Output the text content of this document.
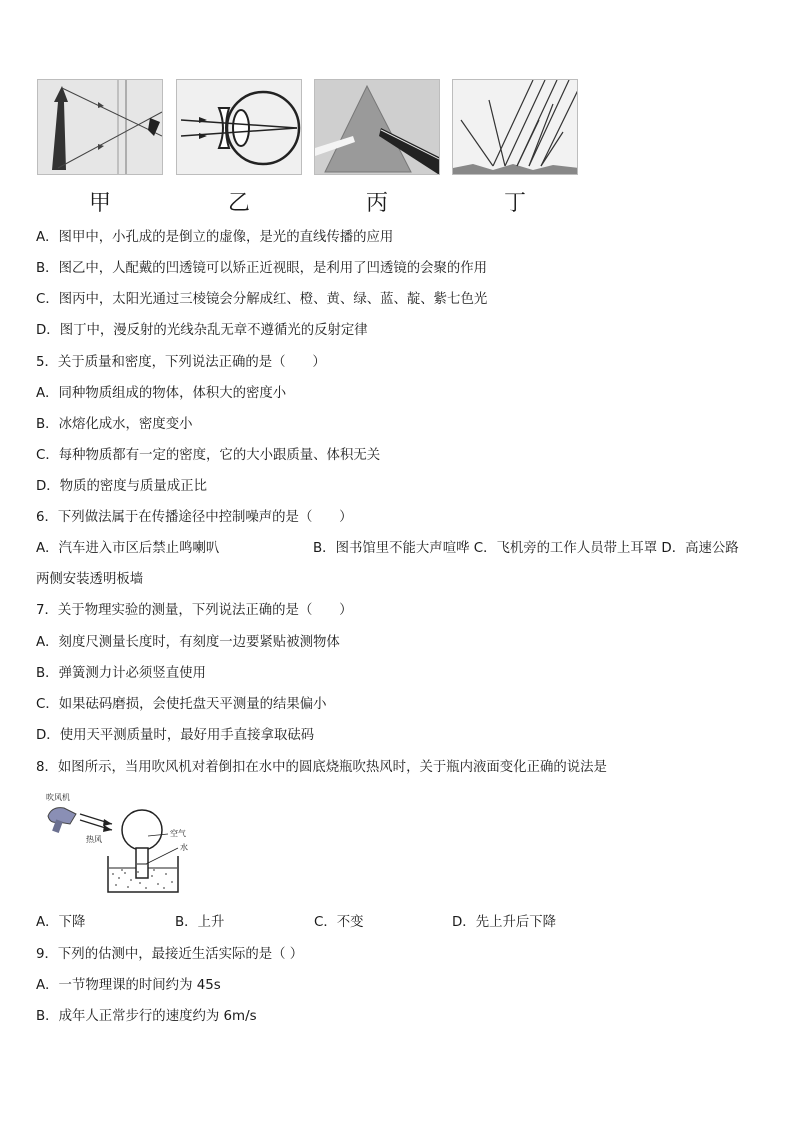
甲	乙	丙	丁
A．图甲中，小孔成的是倒立的虚像，是光的直线传播的应用
B．图乙中，人配戴的凹透镜可以矫正近视眼，是利用了凹透镜的会聚的作用
C．图丙中，太阳光通过三棱镜会分解成红、橙、黄、绿、蓝、靛、紫七色光
D．图丁中，漫反射的光线杂乱无章不遵循光的反射定律
5．关于质量和密度，下列说法正确的是（　　）
A．同种物质组成的物体，体积大的密度小
B．冰熔化成水，密度变小
C．每种物质都有一定的密度，它的大小跟质量、体积无关
D．物质的密度与质量成正比
6．下列做法属于在传播途径中控制噪声的是（　　）
A．汽车进入市区后禁止鸣喇叭	B．图书馆里不能大声喧哗 C．飞机旁的工作人员带上耳罩 D．高速公路
两侧安装透明板墙
7．关于物理实验的测量，下列说法正确的是（　　）
A．刻度尺测量长度时，有刻度一边要紧贴被测物体
B．弹簧测力计必须竖直使用
C．如果砝码磨损，会使托盘天平测量的结果偏小
D．使用天平测质量时，最好用手直接拿取砝码
8．如图所示，当用吹风机对着倒扣在水中的圆底烧瓶吹热风时，关于瓶内液面变化正确的说法是
吹风机
热风
空气
水
A．下降	B．上升	C．不变	D．先上升后下降
9．下列的估测中，最接近生活实际的是（ ）
A．一节物理课的时间约为 45s
B．成年人正常步行的速度约为 6m/s
